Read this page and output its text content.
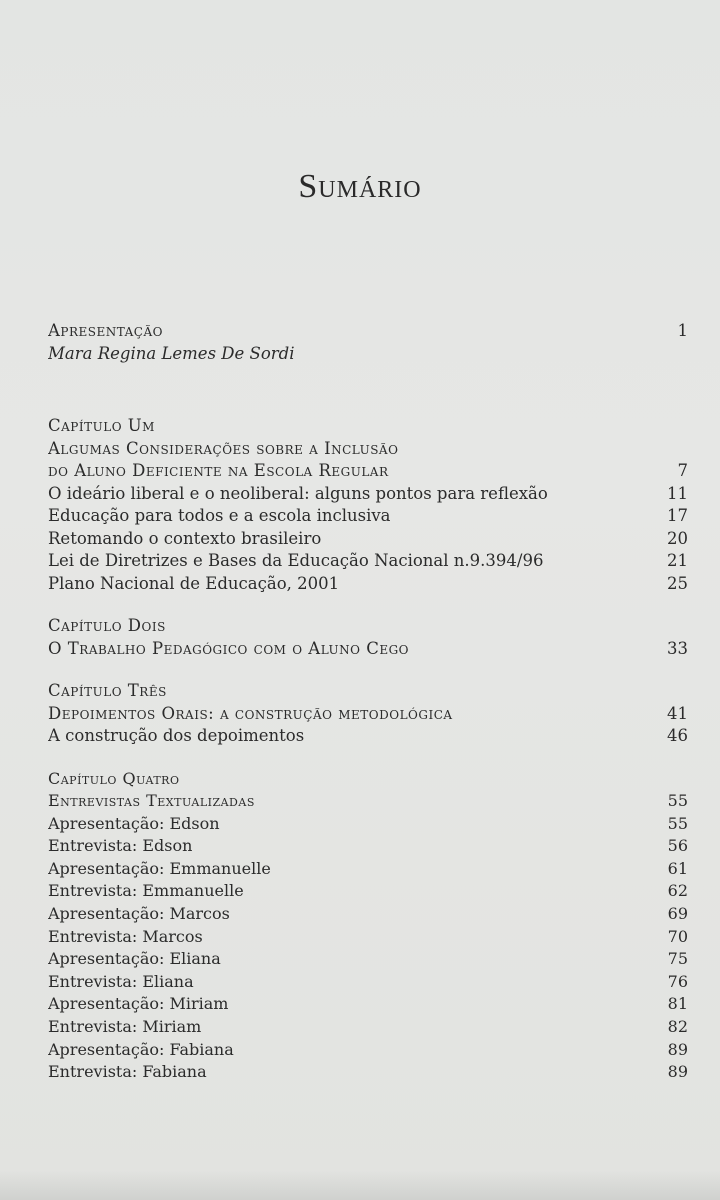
Sumário
Apresentação	1
Mara Regina Lemes De Sordi
Capítulo Um
Algumas Considerações sobre a Inclusão
do Aluno Deficiente na Escola Regular	7
O ideário liberal e o neoliberal: alguns pontos para reflexão	11
Educação para todos e a escola inclusiva	17
Retomando o contexto brasileiro	20
Lei de Diretrizes e Bases da Educação Nacional n.9.394/96	21
Plano Nacional de Educação, 2001	25
Capítulo Dois
O Trabalho Pedagógico com o Aluno Cego	33
Capítulo Três
Depoimentos Orais: a construção metodológica	41
A construção dos depoimentos	46
Capítulo Quatro
Entrevistas Textualizadas	55
Apresentação: Edson	55
Entrevista: Edson	56
Apresentação: Emmanuelle	61
Entrevista: Emmanuelle	62
Apresentação: Marcos	69
Entrevista: Marcos	70
Apresentação: Eliana	75
Entrevista: Eliana	76
Apresentação: Miriam	81
Entrevista: Miriam	82
Apresentação: Fabiana	89
Entrevista: Fabiana	89
